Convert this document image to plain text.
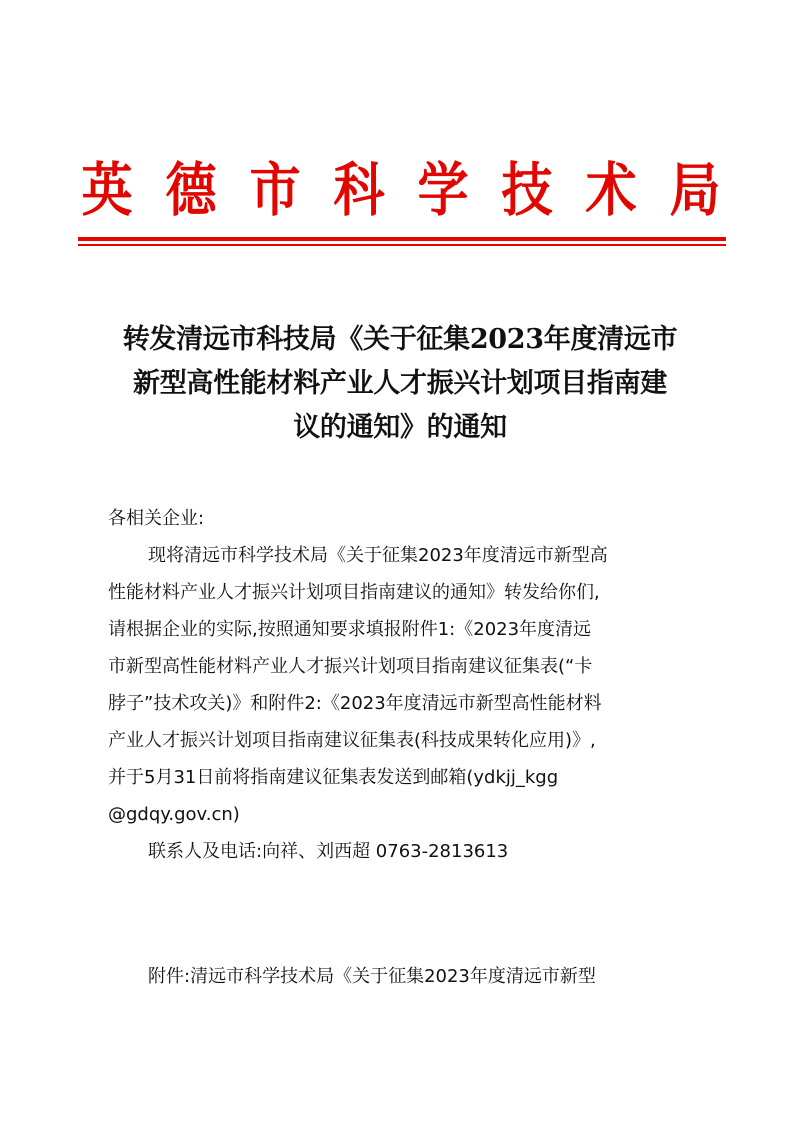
英 德 市 科 学 技 术 局
转发清远市科技局《关于征集2023年度清远市
新型高性能材料产业人才振兴计划项目指南建
议的通知》的通知
各相关企业:
现将清远市科学技术局《关于征集2023年度清远市新型高
性能材料产业人才振兴计划项目指南建议的通知》转发给你们,
请根据企业的实际,按照通知要求填报附件1:《2023年度清远
市新型高性能材料产业人才振兴计划项目指南建议征集表(“卡
脖子”技术攻关)》和附件2:《2023年度清远市新型高性能材料
产业人才振兴计划项目指南建议征集表(科技成果转化应用)》,
并于5月31日前将指南建议征集表发送到邮箱(ydkjj_kgg
@gdqy.gov.cn)
联系人及电话:向祥、刘西超 0763-2813613
附件:清远市科学技术局《关于征集2023年度清远市新型
